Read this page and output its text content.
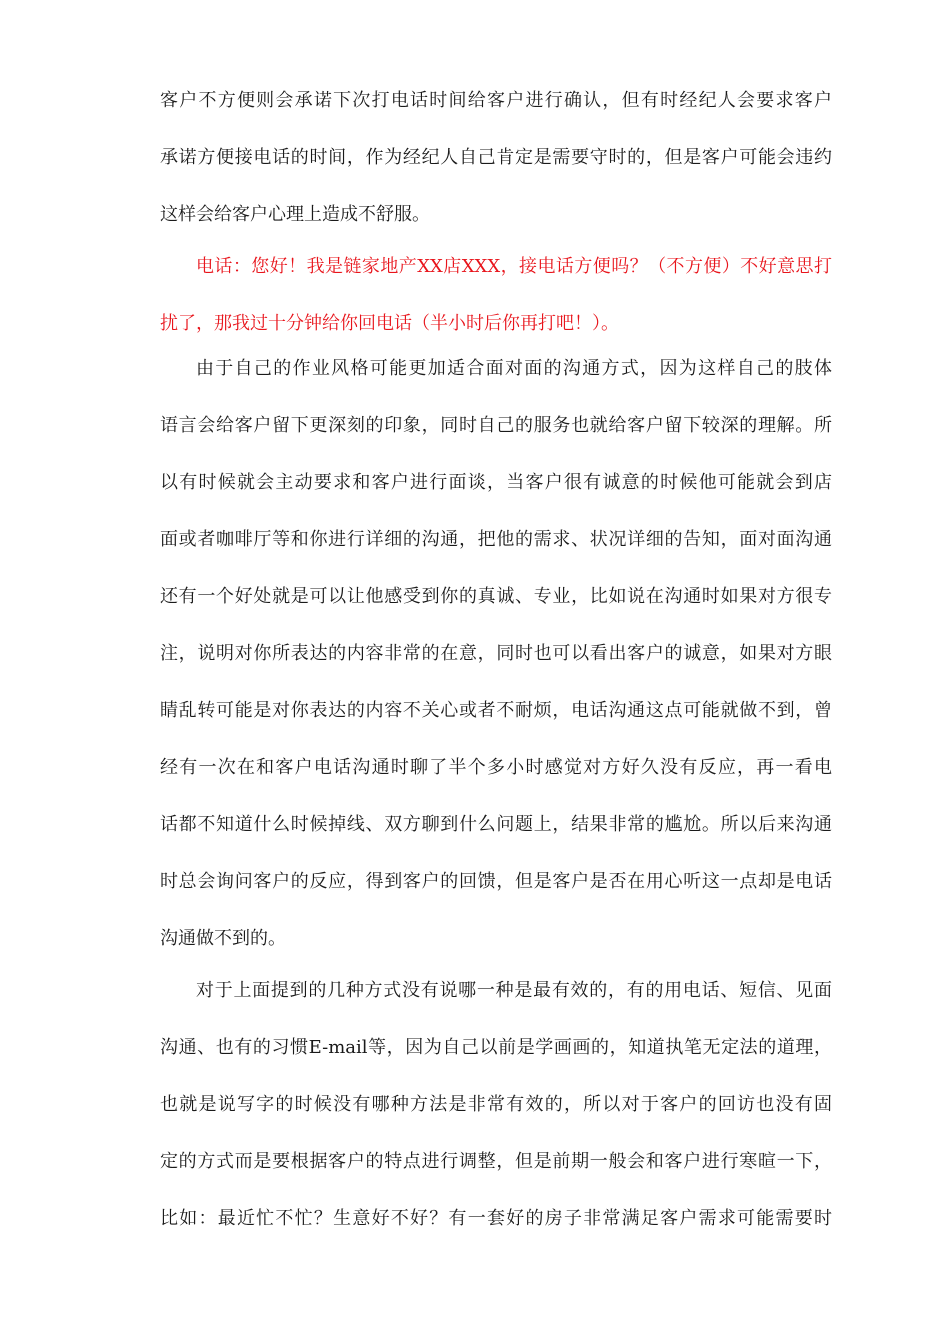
客户不方便则会承诺下次打电话时间给客户进行确认，但有时经纪人会要求客户
承诺方便接电话的时间，作为经纪人自己肯定是需要守时的，但是客户可能会违约
这样会给客户心理上造成不舒服。
电话：您好！我是链家地产XX店XXX，接电话方便吗？（不方便）不好意思打
扰了，那我过十分钟给你回电话（半小时后你再打吧！）。
由于自己的作业风格可能更加适合面对面的沟通方式，因为这样自己的肢体
语言会给客户留下更深刻的印象，同时自己的服务也就给客户留下较深的理解。所
以有时候就会主动要求和客户进行面谈，当客户很有诚意的时候他可能就会到店
面或者咖啡厅等和你进行详细的沟通，把他的需求、状况详细的告知，面对面沟通
还有一个好处就是可以让他感受到你的真诚、专业，比如说在沟通时如果对方很专
注，说明对你所表达的内容非常的在意，同时也可以看出客户的诚意，如果对方眼
睛乱转可能是对你表达的内容不关心或者不耐烦，电话沟通这点可能就做不到，曾
经有一次在和客户电话沟通时聊了半个多小时感觉对方好久没有反应，再一看电
话都不知道什么时候掉线、双方聊到什么问题上，结果非常的尴尬。所以后来沟通
时总会询问客户的反应，得到客户的回馈，但是客户是否在用心听这一点却是电话
沟通做不到的。
对于上面提到的几种方式没有说哪一种是最有效的，有的用电话、短信、见面
沟通、也有的习惯E-mail等，因为自己以前是学画画的，知道执笔无定法的道理，
也就是说写字的时候没有哪种方法是非常有效的，所以对于客户的回访也没有固
定的方式而是要根据客户的特点进行调整，但是前期一般会和客户进行寒暄一下，
比如：最近忙不忙？生意好不好？有一套好的房子非常满足客户需求可能需要时
